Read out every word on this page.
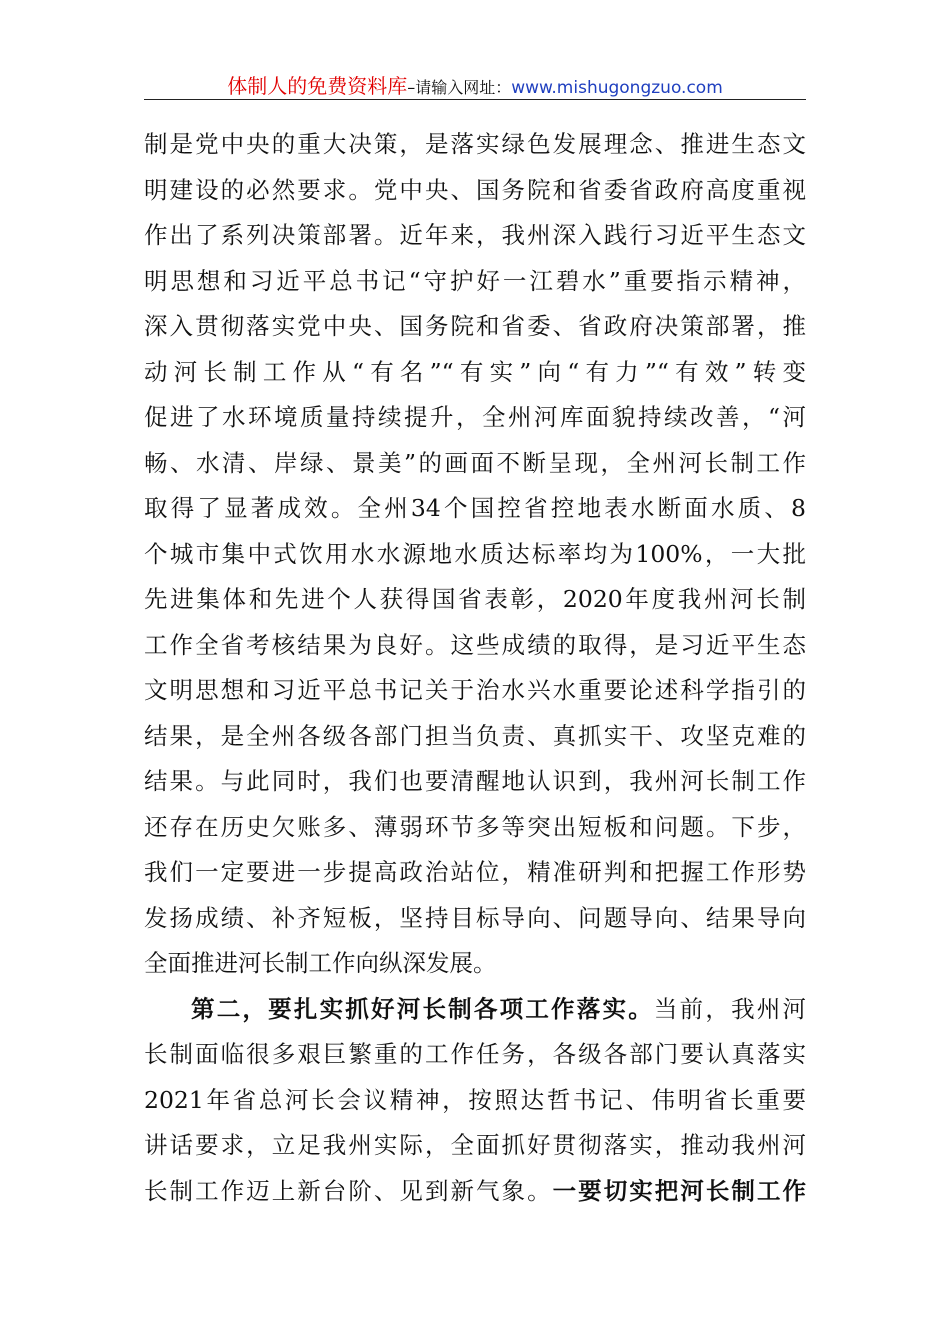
体制人的免费资料库–请输入网址：www.mishugongzuo.com
制是党中央的重大决策，是落实绿色发展理念、推进生态文
明建设的必然要求。党中央、国务院和省委省政府高度重视
作出了系列决策部署。近年来，我州深入践行习近平生态文
明思想和习近平总书记“守护好一江碧水”重要指示精神，
深入贯彻落实党中央、国务院和省委、省政府决策部署，推
动河长制工作从“有名”“有实”向“有力”“有效”转变
促进了水环境质量持续提升，全州河库面貌持续改善，“河
畅、水清、岸绿、景美”的画面不断呈现，全州河长制工作
取得了显著成效。全州34个国控省控地表水断面水质、8
个城市集中式饮用水水源地水质达标率均为100%，一大批
先进集体和先进个人获得国省表彰，2020年度我州河长制
工作全省考核结果为良好。这些成绩的取得，是习近平生态
文明思想和习近平总书记关于治水兴水重要论述科学指引的
结果，是全州各级各部门担当负责、真抓实干、攻坚克难的
结果。与此同时，我们也要清醒地认识到，我州河长制工作
还存在历史欠账多、薄弱环节多等突出短板和问题。下步，
我们一定要进一步提高政治站位，精准研判和把握工作形势
发扬成绩、补齐短板，坚持目标导向、问题导向、结果导向
全面推进河长制工作向纵深发展。
第二，要扎实抓好河长制各项工作落实。当前，我州河
长制面临很多艰巨繁重的工作任务，各级各部门要认真落实
2021年省总河长会议精神，按照达哲书记、伟明省长重要
讲话要求，立足我州实际，全面抓好贯彻落实，推动我州河
长制工作迈上新台阶、见到新气象。一要切实把河长制工作
